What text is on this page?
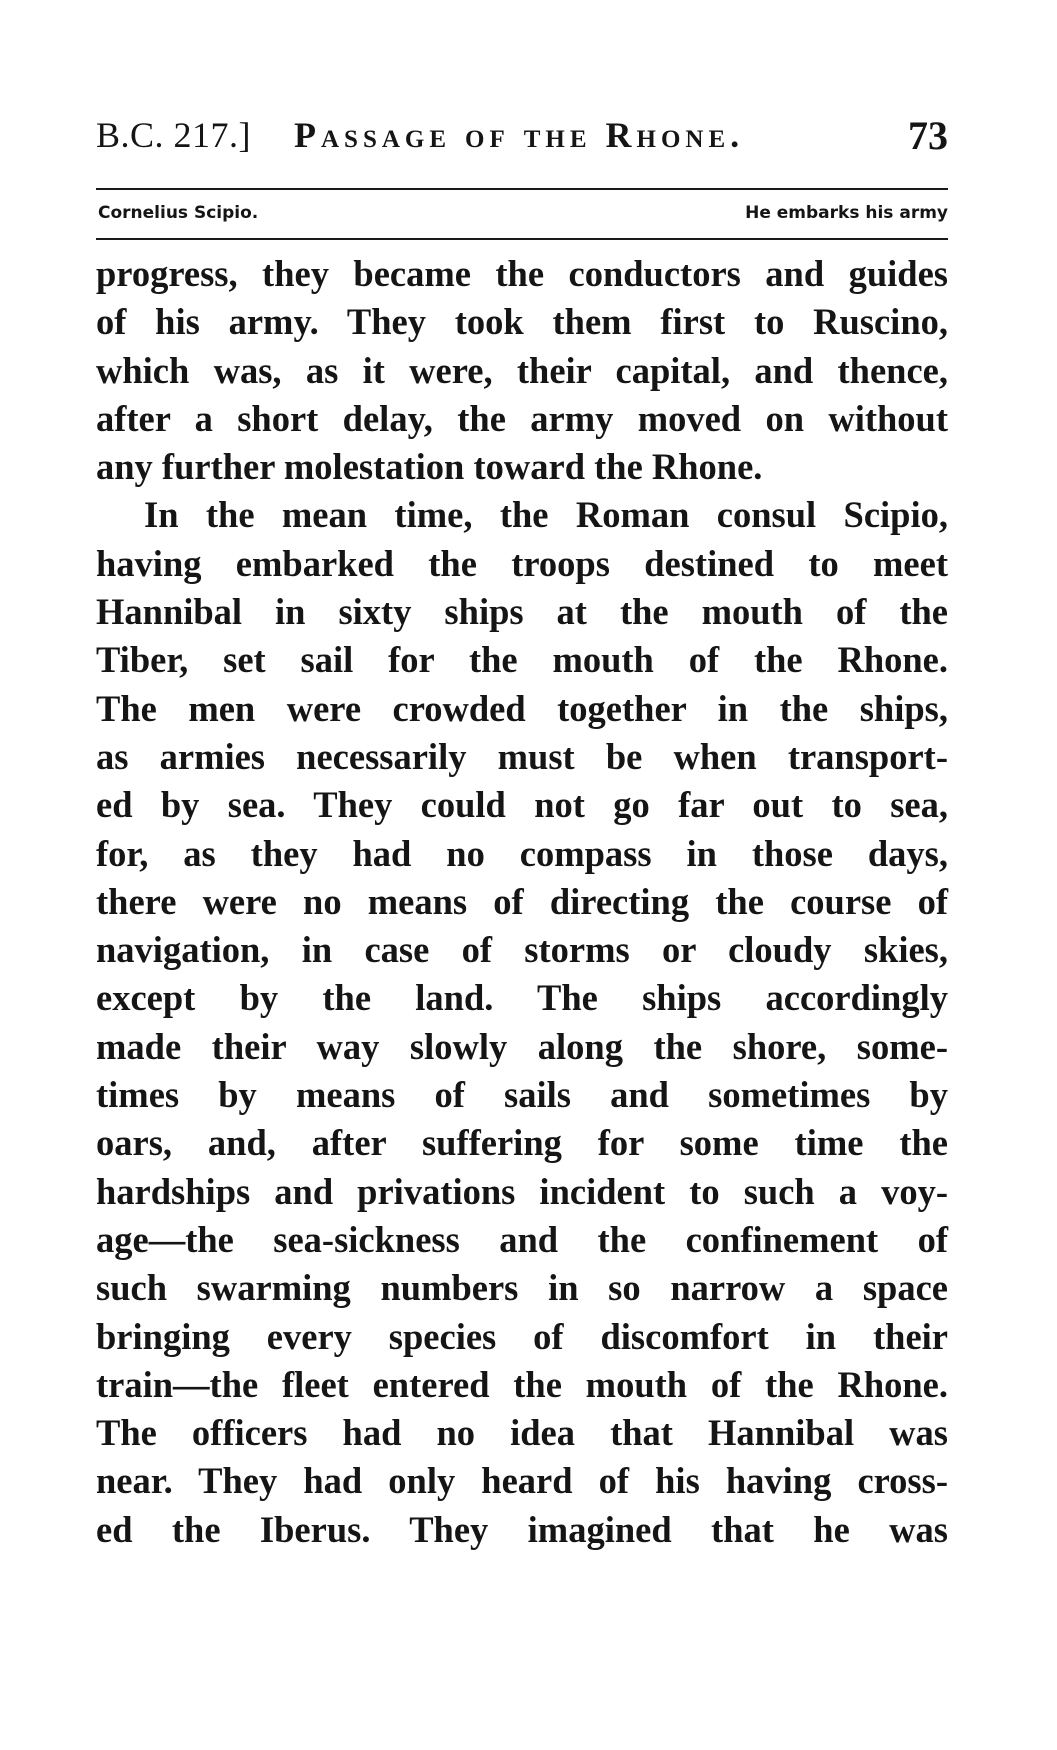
B.C. 217.] Passage of the Rhone.	73
Cornelius Scipio.	He embarks his army
progress, they became the conductors and guides
of his army. They took them first to Ruscino,
which was, as it were, their capital, and thence,
after a short delay, the army moved on without
any further molestation toward the Rhone.
In the mean time, the Roman consul Scipio,
having embarked the troops destined to meet
Hannibal in sixty ships at the mouth of the
Tiber, set sail for the mouth of the Rhone.
The men were crowded together in the ships,
as armies necessarily must be when transport-
ed by sea. They could not go far out to sea,
for, as they had no compass in those days,
there were no means of directing the course of
navigation, in case of storms or cloudy skies,
except by the land. The ships accordingly
made their way slowly along the shore, some-
times by means of sails and sometimes by
oars, and, after suffering for some time the
hardships and privations incident to such a voy-
age—the sea-sickness and the confinement of
such swarming numbers in so narrow a space
bringing every species of discomfort in their
train—the fleet entered the mouth of the Rhone.
The officers had no idea that Hannibal was
near. They had only heard of his having cross-
ed the Iberus. They imagined that he was
